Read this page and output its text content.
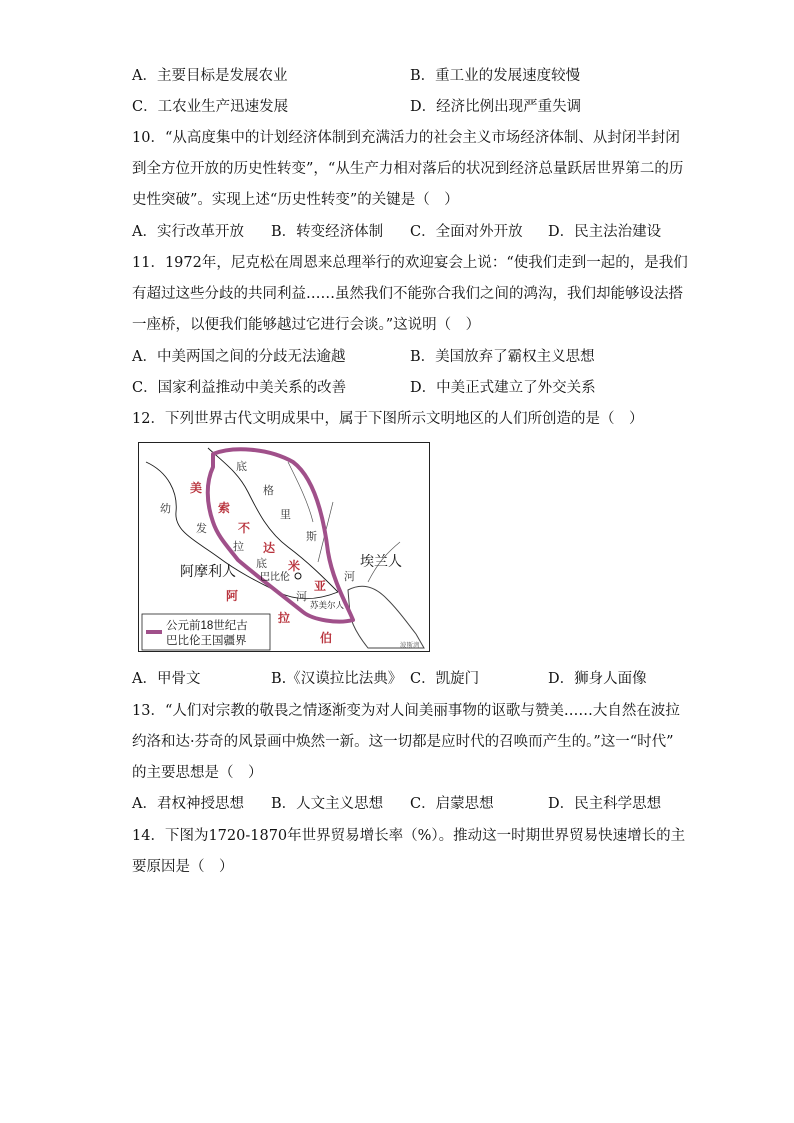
A．主要目标是发展农业	B．重工业的发展速度较慢
C．工农业生产迅速发展	D．经济比例出现严重失调
10．“从高度集中的计划经济体制到充满活力的社会主义市场经济体制、从封闭半封闭
到全方位开放的历史性转变”，“从生产力相对落后的状况到经济总量跃居世界第二的历
史性突破”。实现上述“历史性转变”的关键是（　）
A．实行改革开放 B．转变经济体制 C．全面对外开放 D．民主法治建设
11．1972年，尼克松在周恩来总理举行的欢迎宴会上说：“使我们走到一起的，是我们
有超过这些分歧的共同利益……虽然我们不能弥合我们之间的鸿沟，我们却能够设法搭
一座桥，以便我们能够越过它进行会谈。”这说明（　）
A．中美两国之间的分歧无法逾越	B．美国放弃了霸权主义思想
C．国家利益推动中美关系的改善	D．中美正式建立了外交关系
12．下列世界古代文明成果中，属于下图所示文明地区的人们所创造的是（　）
公元前18世纪古
巴比伦王国疆界
美
索
不
达
米
亚
幼
发
拉
底
河
底
格
里
斯
河
阿摩利人
埃兰人
巴比伦
苏美尔人
阿
拉
伯	波斯湾
A．甲骨文	B.《汉谟拉比法典》 C．凯旋门	D．狮身人面像
13．“人们对宗教的敬畏之情逐渐变为对人间美丽事物的讴歌与赞美……大自然在波拉
约洛和达·芬奇的风景画中焕然一新。这一切都是应时代的召唤而产生的。”这一“时代”
的主要思想是（　）
A．君权神授思想 B．人文主义思想 C．启蒙思想	D．民主科学思想
14．下图为1720-1870年世界贸易增长率（%）。推动这一时期世界贸易快速增长的主
要原因是（　）
